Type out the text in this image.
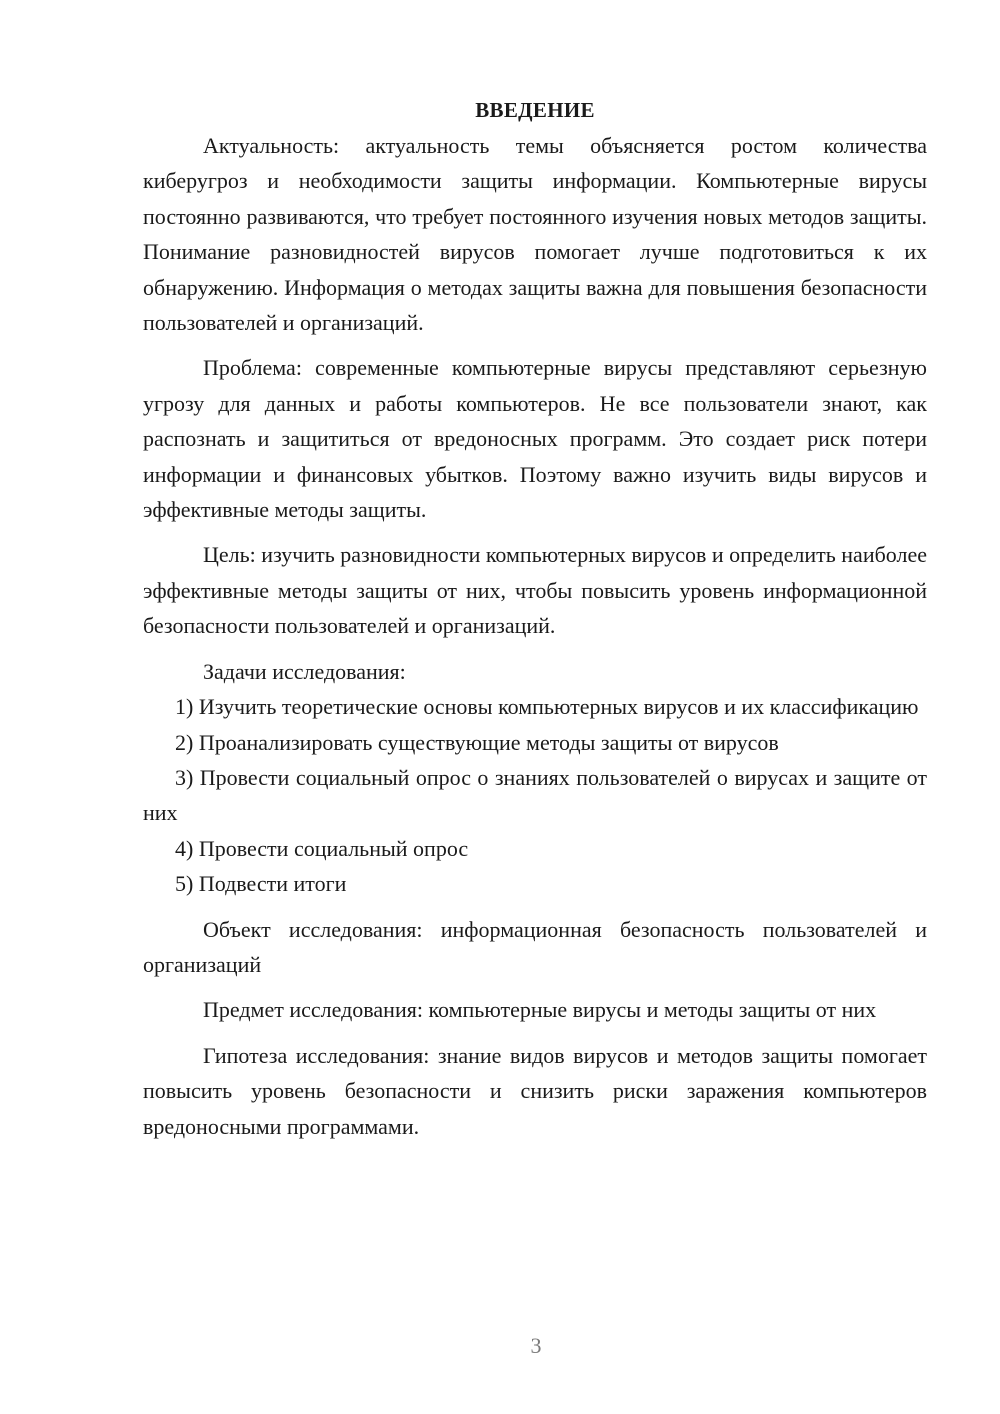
ВВЕДЕНИЕ

Актуальность: актуальность темы объясняется ростом количества киберугроз и необходимости защиты информации. Компьютерные вирусы постоянно развиваются, что требует постоянного изучения новых методов защиты. Понимание разновидностей вирусов помогает лучше подготовиться к их обнаружению. Информация о методах защиты важна для повышения безопасности пользователей и организаций.

Проблема: современные компьютерные вирусы представляют серьезную угрозу для данных и работы компьютеров. Не все пользователи знают, как распознать и защититься от вредоносных программ. Это создает риск потери информации и финансовых убытков. Поэтому важно изучить виды вирусов и эффективные методы защиты.

Цель: изучить разновидности компьютерных вирусов и определить наиболее эффективные методы защиты от них, чтобы повысить уровень информационной безопасности пользователей и организаций.

Задачи исследования:

1) Изучить теоретические основы компьютерных вирусов и их классификацию

2) Проанализировать существующие методы защиты от вирусов

3) Провести социальный опрос о знаниях пользователей о вирусах и защите от них

4) Провести социальный опрос

5) Подвести итоги

Объект исследования: информационная безопасность пользователей и организаций

Предмет исследования: компьютерные вирусы и методы защиты от них

Гипотеза исследования: знание видов вирусов и методов защиты помогает повысить уровень безопасности и снизить риски заражения компьютеров вредоносными программами.

3
